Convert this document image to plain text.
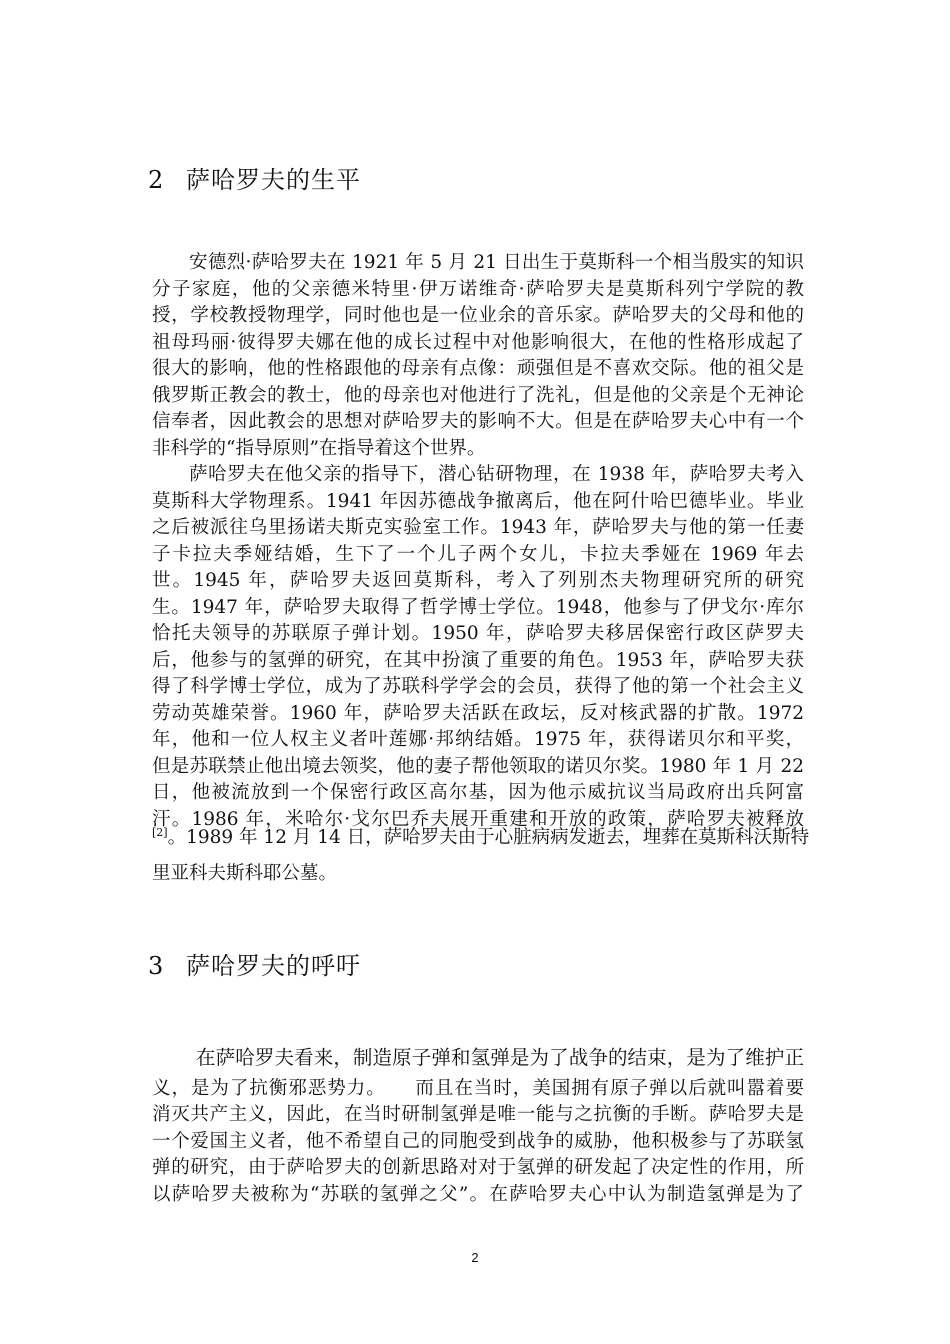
2 萨哈罗夫的生平
安德烈·萨哈罗夫在 1921 年 5 月 21 日出生于莫斯科一个相当殷实的知识
分子家庭，他的父亲德米特里·伊万诺维奇·萨哈罗夫是莫斯科列宁学院的教
授，学校教授物理学，同时他也是一位业余的音乐家。萨哈罗夫的父母和他的
祖母玛丽·彼得罗夫娜在他的成长过程中对他影响很大，在他的性格形成起了
很大的影响，他的性格跟他的母亲有点像：顽强但是不喜欢交际。他的祖父是
俄罗斯正教会的教士，他的母亲也对他进行了洗礼，但是他的父亲是个无神论
信奉者，因此教会的思想对萨哈罗夫的影响不大。但是在萨哈罗夫心中有一个
非科学的“指导原则”在指导着这个世界。
萨哈罗夫在他父亲的指导下，潜心钻研物理，在 1938 年，萨哈罗夫考入
莫斯科大学物理系。1941 年因苏德战争撤离后，他在阿什哈巴德毕业。毕业
之后被派往乌里扬诺夫斯克实验室工作。1943 年，萨哈罗夫与他的第一任妻
子卡拉夫季娅结婚，生下了一个儿子两个女儿，卡拉夫季娅在 1969 年去
世。1945 年，萨哈罗夫返回莫斯科，考入了列别杰夫物理研究所的研究
生。1947 年，萨哈罗夫取得了哲学博士学位。1948，他参与了伊戈尔·库尔
恰托夫领导的苏联原子弹计划。1950 年，萨哈罗夫移居保密行政区萨罗夫
后，他参与的氢弹的研究，在其中扮演了重要的角色。1953 年，萨哈罗夫获
得了科学博士学位，成为了苏联科学学会的会员，获得了他的第一个社会主义
劳动英雄荣誉。1960 年，萨哈罗夫活跃在政坛，反对核武器的扩散。1972
年，他和一位人权主义者叶莲娜·邦纳结婚。1975 年，获得诺贝尔和平奖，
但是苏联禁止他出境去领奖，他的妻子帮他领取的诺贝尔奖。1980 年 1 月 22
日，他被流放到一个保密行政区高尔基，因为他示威抗议当局政府出兵阿富
汗。1986 年，米哈尔·戈尔巴乔夫展开重建和开放的政策，萨哈罗夫被释放
[2]。1989 年 12 月 14 日，萨哈罗夫由于心脏病病发逝去，埋葬在莫斯科沃斯特
里亚科夫斯科耶公墓。
3 萨哈罗夫的呼吁
在萨哈罗夫看来，制造原子弹和氢弹是为了战争的结束，是为了维护正
义，是为了抗衡邪恶势力。　　而且在当时，美国拥有原子弹以后就叫嚣着要
消灭共产主义，因此，在当时研制氢弹是唯一能与之抗衡的手断。萨哈罗夫是
一个爱国主义者，他不希望自己的同胞受到战争的威胁，他积极参与了苏联氢
弹的研究，由于萨哈罗夫的创新思路对对于氢弹的研发起了决定性的作用，所
以萨哈罗夫被称为“苏联的氢弹之父”。在萨哈罗夫心中认为制造氢弹是为了
2
